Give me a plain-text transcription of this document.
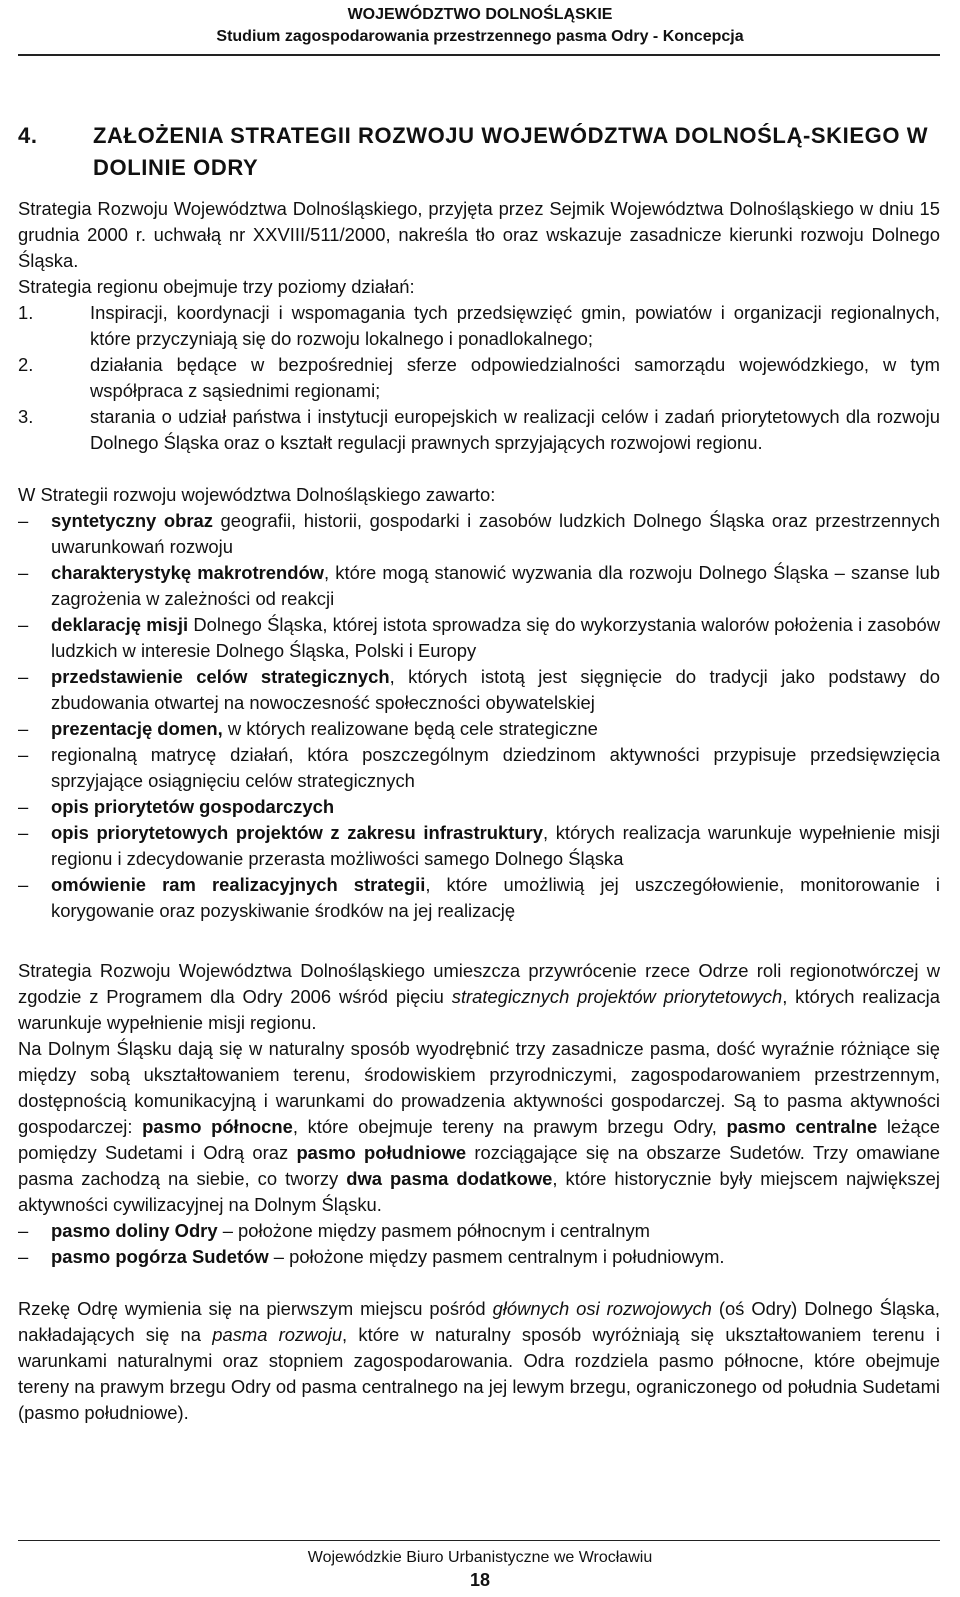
WOJEWÓDZTWO DOLNOŚLĄSKIE
Studium zagospodarowania przestrzennego pasma Odry - Koncepcja
4.	ZAŁOŻENIA STRATEGII ROZWOJU WOJEWÓDZTWA DOLNOŚLĄ-SKIEGO W DOLINIE ODRY

Strategia Rozwoju Województwa Dolnośląskiego, przyjęta przez Sejmik Województwa Dolnośląskiego w dniu 15 grudnia 2000 r. uchwałą nr XXVIII/511/2000, nakreśla tło oraz wskazuje zasadnicze kierunki rozwoju Dolnego Śląska.

Strategia regionu obejmuje trzy poziomy działań:

1.	Inspiracji, koordynacji i wspomagania tych przedsięwzięć gmin, powiatów i organizacji regionalnych, które przyczyniają się do rozwoju lokalnego i ponadlokalnego;
2.	działania będące w bezpośredniej sferze odpowiedzialności samorządu wojewódzkiego, w tym współpraca z sąsiednimi regionami;
3.	starania o udział państwa i instytucji europejskich w realizacji celów i zadań priorytetowych dla rozwoju Dolnego Śląska oraz o kształt regulacji prawnych sprzyjających rozwojowi regionu.

W Strategii rozwoju województwa Dolnośląskiego zawarto:

– syntetyczny obraz geografii, historii, gospodarki i zasobów ludzkich Dolnego Śląska oraz przestrzennych uwarunkowań rozwoju
– charakterystykę makrotrendów, które mogą stanowić wyzwania dla rozwoju Dolnego Śląska – szanse lub zagrożenia w zależności od reakcji
– deklarację misji Dolnego Śląska, której istota sprowadza się do wykorzystania walorów położenia i zasobów ludzkich w interesie Dolnego Śląska, Polski i Europy
– przedstawienie celów strategicznych, których istotą jest sięgnięcie do tradycji jako podstawy do zbudowania otwartej na nowoczesność społeczności obywatelskiej
– prezentację domen, w których realizowane będą cele strategiczne
– regionalną matrycę działań, która poszczególnym dziedzinom aktywności przypisuje przedsięwzięcia sprzyjające osiągnięciu celów strategicznych
– opis priorytetów gospodarczych
– opis priorytetowych projektów z zakresu infrastruktury, których realizacja warunkuje wypełnienie misji regionu i zdecydowanie przerasta możliwości samego Dolnego Śląska
– omówienie ram realizacyjnych strategii, które umożliwią jej uszczegółowienie, monitorowanie i korygowanie oraz pozyskiwanie środków na jej realizację

Strategia Rozwoju Województwa Dolnośląskiego umieszcza przywrócenie rzece Odrze roli regionotwórczej w zgodzie z Programem dla Odry 2006 wśród pięciu strategicznych projektów priorytetowych, których realizacja warunkuje wypełnienie misji regionu.

Na Dolnym Śląsku dają się w naturalny sposób wyodrębnić trzy zasadnicze pasma, dość wyraźnie różniące się między sobą ukształtowaniem terenu, środowiskiem przyrodniczymi, zagospodarowaniem przestrzennym, dostępnością komunikacyjną i warunkami do prowadzenia aktywności gospodarczej. Są to pasma aktywności gospodarczej: pasmo północne, które obejmuje tereny na prawym brzegu Odry, pasmo centralne leżące pomiędzy Sudetami i Odrą oraz pasmo południowe rozciągające się na obszarze Sudetów. Trzy omawiane pasma zachodzą na siebie, co tworzy dwa pasma dodatkowe, które historycznie były miejscem największej aktywności cywilizacyjnej na Dolnym Śląsku.

– pasmo doliny Odry – położone między pasmem północnym i centralnym
– pasmo pogórza Sudetów – położone między pasmem centralnym i południowym.

Rzekę Odrę wymienia się na pierwszym miejscu pośród głównych osi rozwojowych (oś Odry) Dolnego Śląska, nakładających się na pasma rozwoju, które w naturalny sposób wyróżniają się ukształtowaniem terenu i warunkami naturalnymi oraz stopniem zagospodarowania. Odra rozdziela pasmo północne, które obejmuje tereny na prawym brzegu Odry od pasma centralnego na jej lewym brzegu, ograniczonego od południa Sudetami (pasmo południowe).

Wojewódzkie Biuro Urbanistyczne we Wrocławiu
18
